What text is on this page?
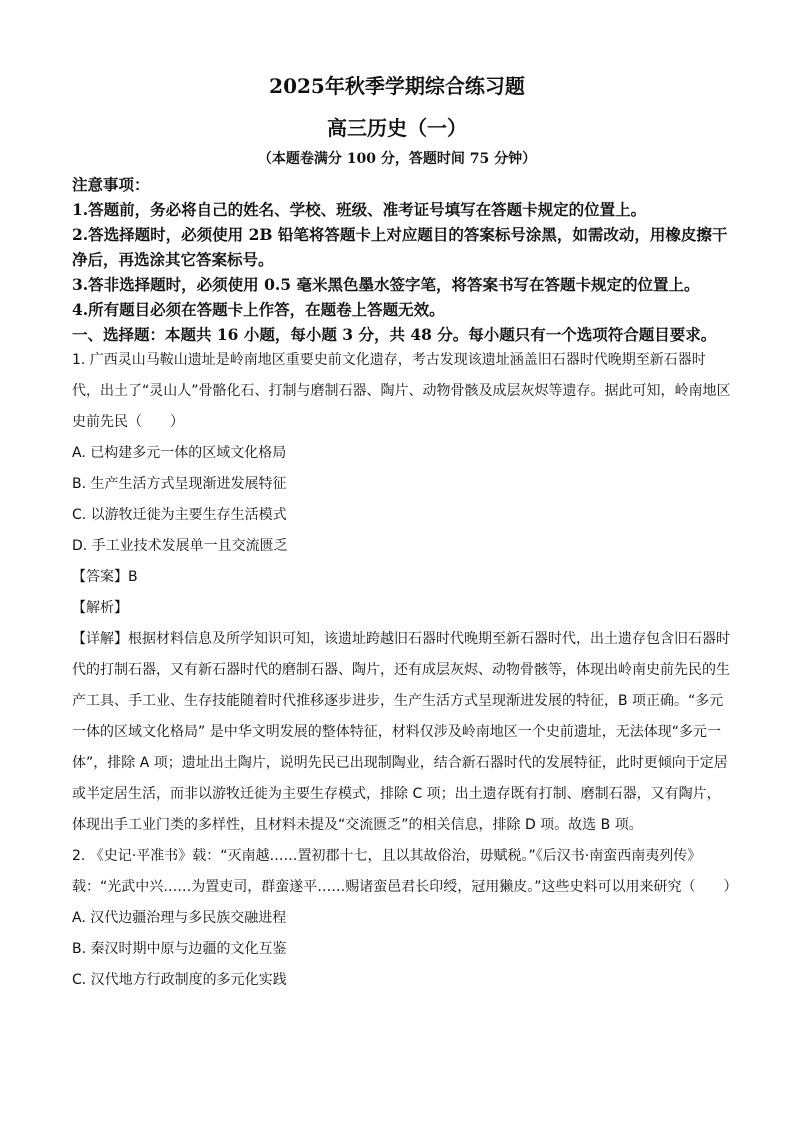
2025年秋季学期综合练习题
高三历史（一）
（本题卷满分 100 分，答题时间 75 分钟）
注意事项：
1.答题前，务必将自己的姓名、学校、班级、准考证号填写在答题卡规定的位置上。
2.答选择题时，必须使用 2B 铅笔将答题卡上对应题目的答案标号涂黑，如需改动，用橡皮擦干净后，再选涂其它答案标号。
3.答非选择题时，必须使用 0.5 毫米黑色墨水签字笔，将答案书写在答题卡规定的位置上。
4.所有题目必须在答题卡上作答，在题卷上答题无效。
一、选择题：本题共 16 小题，每小题 3 分，共 48 分。每小题只有一个选项符合题目要求。
1. 广西灵山马鞍山遗址是岭南地区重要史前文化遗存，考古发现该遗址涵盖旧石器时代晚期至新石器时代，出土了“灵山人”骨骼化石、打制与磨制石器、陶片、动物骨骸及成层灰烬等遗存。据此可知，岭南地区史前先民（　　）
A. 已构建多元一体的区域文化格局
B. 生产生活方式呈现渐进发展特征
C. 以游牧迁徙为主要生存生活模式
D. 手工业技术发展单一且交流匮乏
【答案】B
【解析】
【详解】根据材料信息及所学知识可知，该遗址跨越旧石器时代晚期至新石器时代，出土遗存包含旧石器时代的打制石器，又有新石器时代的磨制石器、陶片，还有成层灰烬、动物骨骸等，体现出岭南史前先民的生产工具、手工业、生存技能随着时代推移逐步进步，生产生活方式呈现渐进发展的特征，B 项正确。“多元一体的区域文化格局” 是中华文明发展的整体特征，材料仅涉及岭南地区一个史前遗址，无法体现“多元一体”，排除 A 项；遗址出土陶片，说明先民已出现制陶业，结合新石器时代的发展特征，此时更倾向于定居或半定居生活，而非以游牧迁徙为主要生存模式，排除 C 项；出土遗存既有打制、磨制石器，又有陶片，体现出手工业门类的多样性，且材料未提及“交流匮乏”的相关信息，排除 D 项。故选 B 项。
2. 《史记·平准书》载：“灭南越……置初郡十七，且以其故俗治，毋赋税。”《后汉书·南蛮西南夷列传》载：“光武中兴……为置吏司，群蛮遂平……赐诸蛮邑君长印绶，冠用獭皮。”这些史料可以用来研究（　　）
A. 汉代边疆治理与多民族交融进程
B. 秦汉时期中原与边疆的文化互鉴
C. 汉代地方行政制度的多元化实践
